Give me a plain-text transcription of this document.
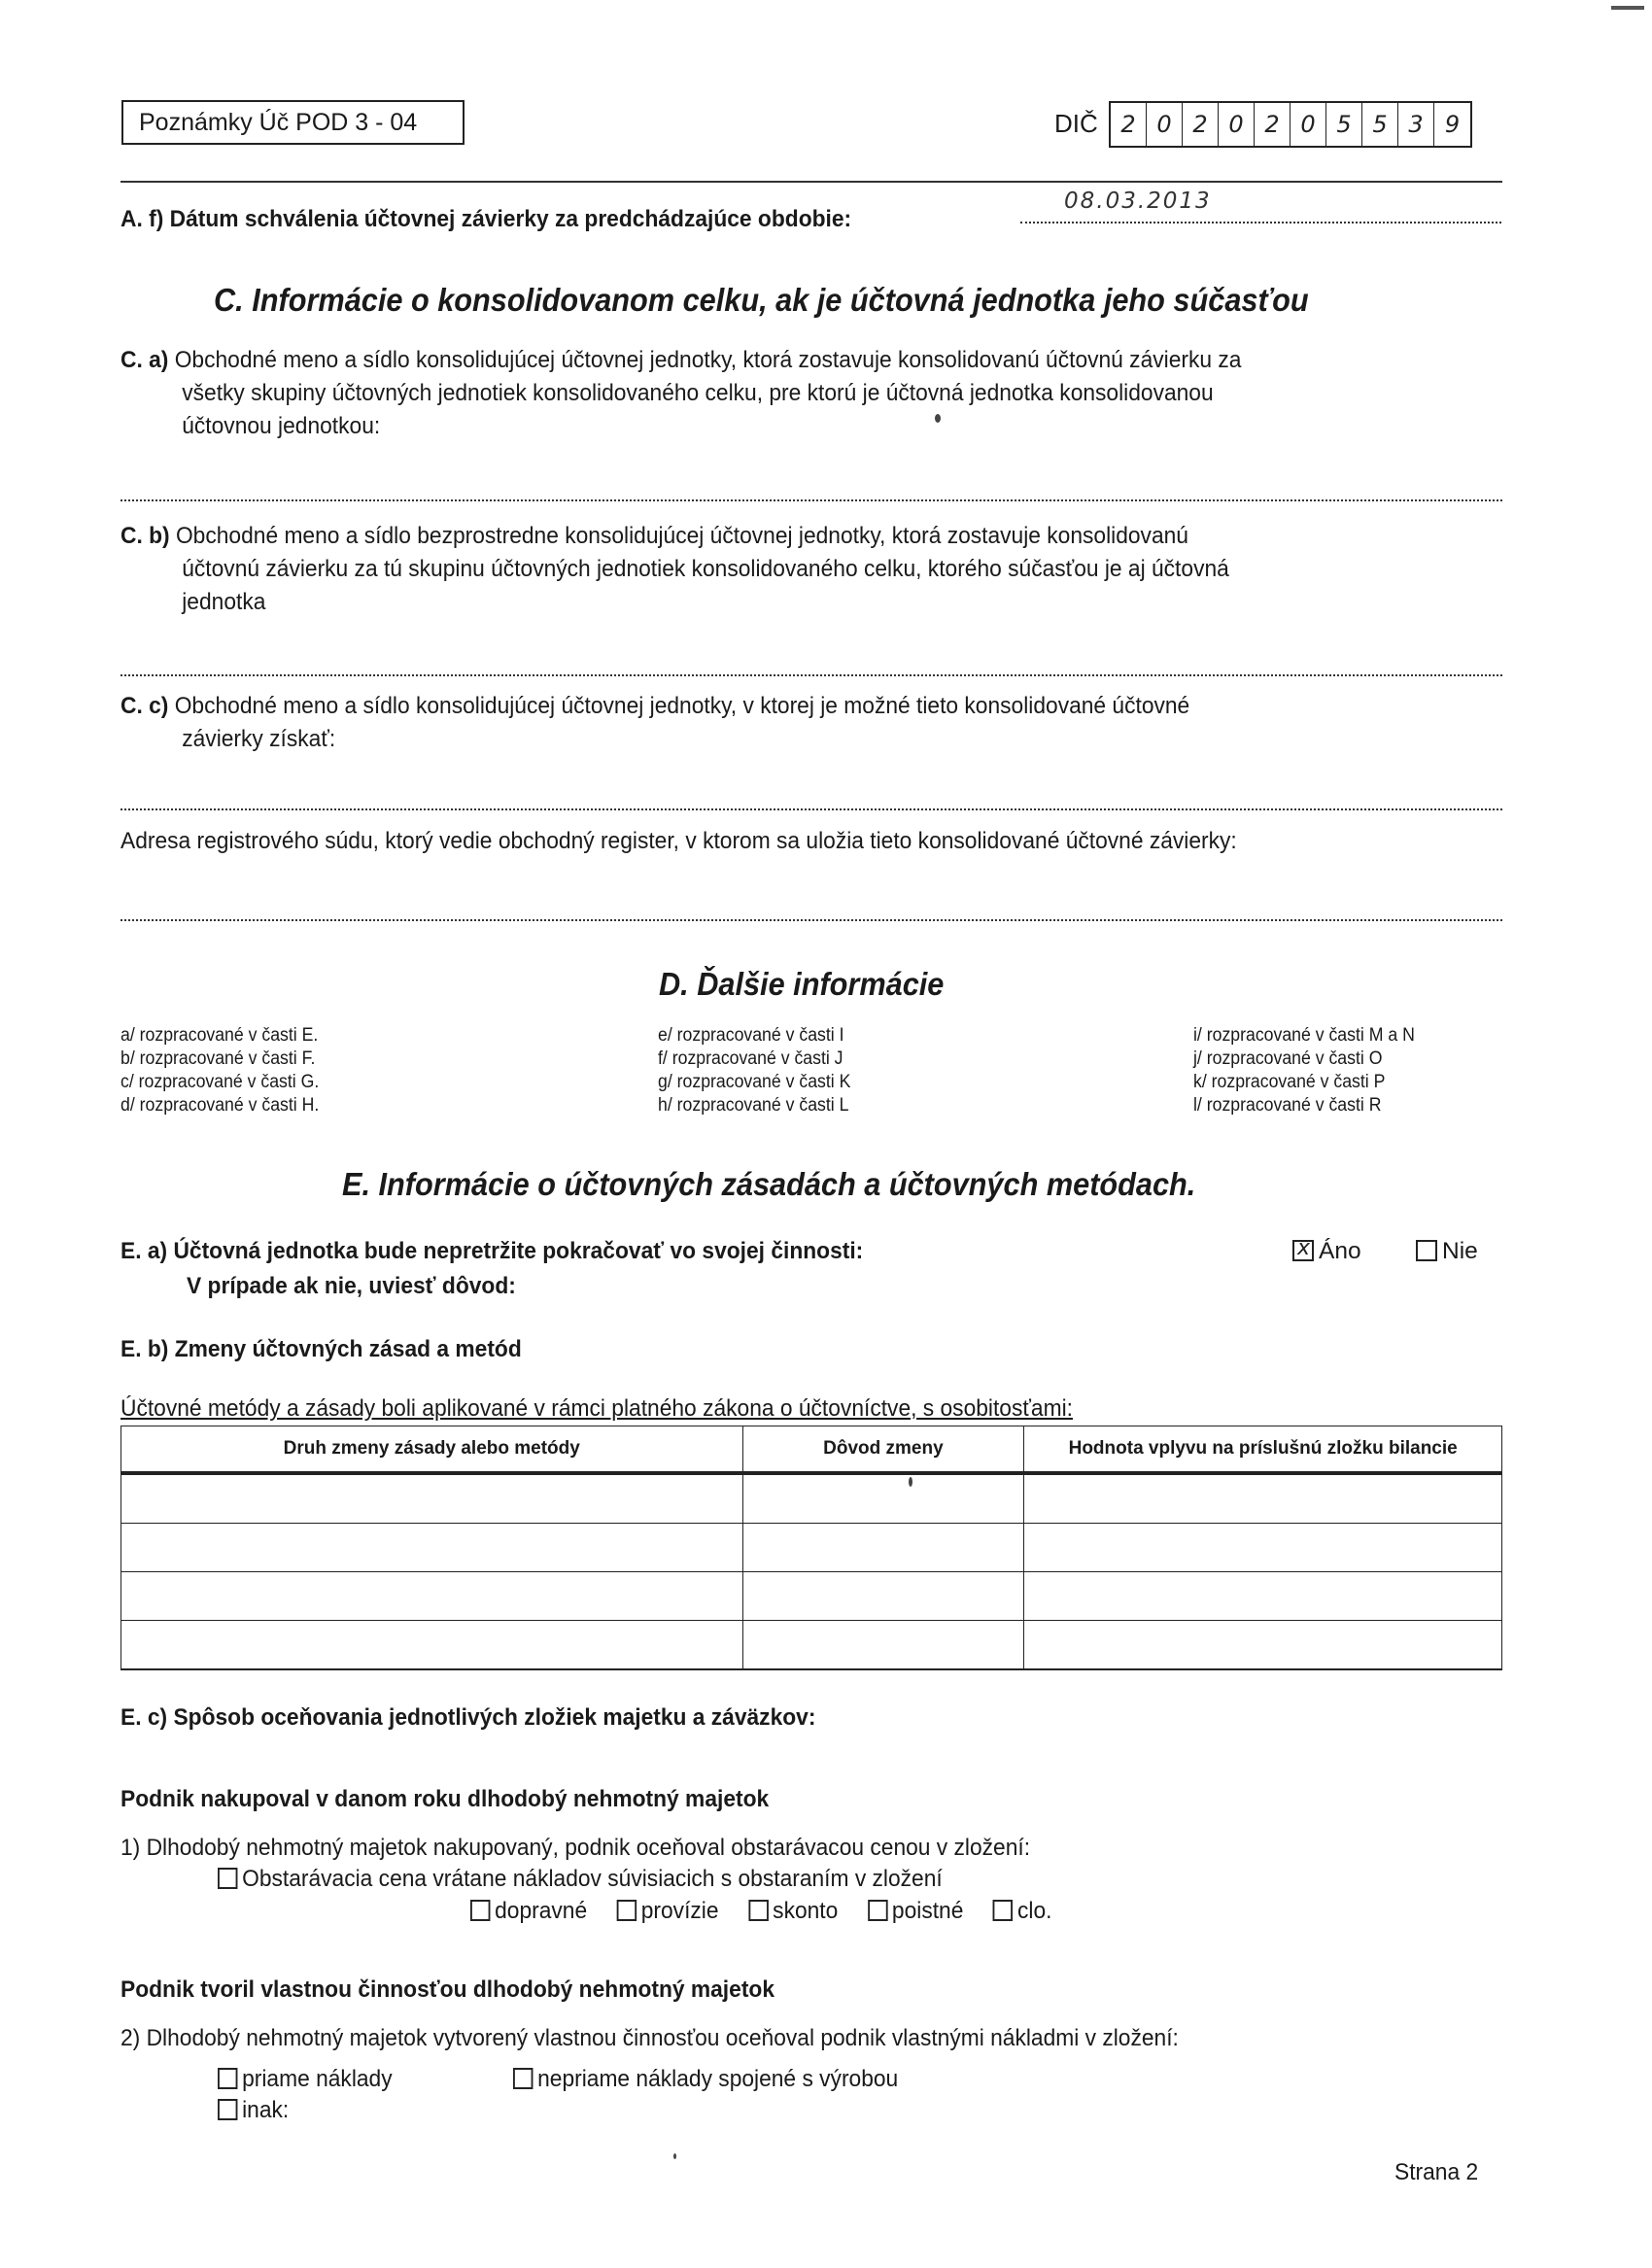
Poznámky Úč POD 3 - 04	DIČ 2 0 2 0 2 0 5 5 3 9
A. f) Dátum schválenia účtovnej závierky za predchádzajúce obdobie:
08.03.2013
C. Informácie o konsolidovanom celku, ak je účtovná jednotka jeho súčasťou
C. a) Obchodné meno a sídlo konsolidujúcej účtovnej jednotky, ktorá zostavuje konsolidovanú účtovnú závierku za
všetky skupiny účtovných jednotiek konsolidovaného celku, pre ktorú je účtovná jednotka konsolidovanou
účtovnou jednotkou:
C. b) Obchodné meno a sídlo bezprostredne konsolidujúcej účtovnej jednotky, ktorá zostavuje konsolidovanú
účtovnú závierku za tú skupinu účtovných jednotiek konsolidovaného celku, ktorého súčasťou je aj účtovná
jednotka
C. c) Obchodné meno a sídlo konsolidujúcej účtovnej jednotky, v ktorej je možné tieto konsolidované účtovné
závierky získať:
Adresa registrového súdu, ktorý vedie obchodný register, v ktorom sa uložia tieto konsolidované účtovné závierky:
D. Ďalšie informácie
a/ rozpracované v časti E.
b/ rozpracované v časti F.
c/ rozpracované v časti G.
d/ rozpracované v časti H.
e/ rozpracované v časti I
f/ rozpracované v časti J
g/ rozpracované v časti K
h/ rozpracované v časti L
i/ rozpracované v časti M a N
j/ rozpracované v časti O
k/ rozpracované v časti P
l/ rozpracované v časti R
E. Informácie o účtovných zásadách a účtovných metódach.
E. a) Účtovná jednotka bude nepretržite pokračovať vo svojej činnosti:
V prípade ak nie, uviesť dôvod:
xÁno	Nie
E. b) Zmeny účtovných zásad a metód
Účtovné metódy a zásady boli aplikované v rámci platného zákona o účtovníctve, s osobitosťami:
Druh zmeny zásady alebo metódy	Dôvod zmeny	Hodnota vplyvu na príslušnú zložku bilancie

E. c) Spôsob oceňovania jednotlivých zložiek majetku a záväzkov:
Podnik nakupoval v danom roku dlhodobý nehmotný majetok
1) Dlhodobý nehmotný majetok nakupovaný, podnik oceňoval obstarávacou cenou v zložení:
Obstarávacia cena vrátane nákladov súvisiacich s obstaraním v zložení
dopravné provízie skonto poistné clo.
Podnik tvoril vlastnou činnosťou dlhodobý nehmotný majetok
2) Dlhodobý nehmotný majetok vytvorený vlastnou činnosťou oceňoval podnik vlastnými nákladmi v zložení:
priame náklady	nepriame náklady spojené s výrobou
inak:
Strana 2
